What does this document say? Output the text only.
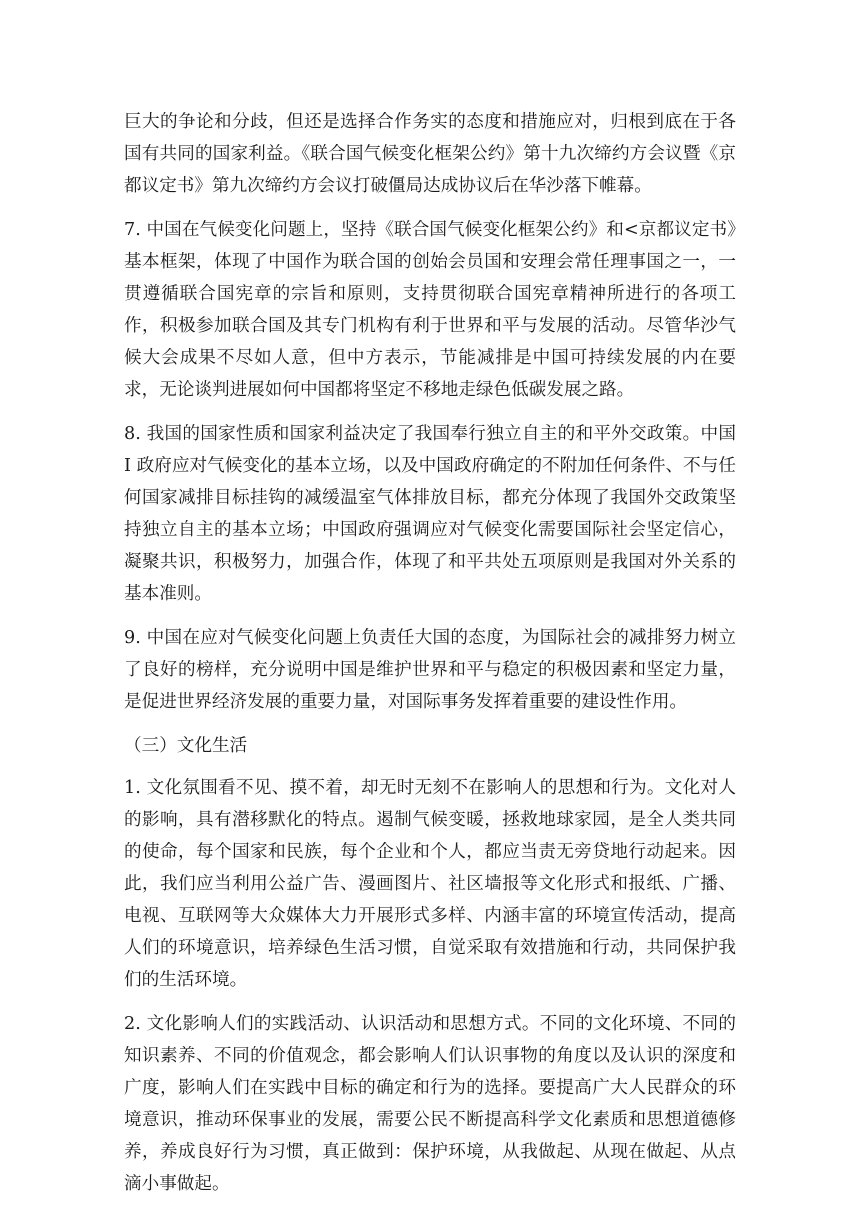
巨大的争论和分歧，但还是选择合作务实的态度和措施应对，归根到底在于各国有共同的国家利益。《联合国气候变化框架公约》第十九次缔约方会议暨《京都议定书》第九次缔约方会议打破僵局达成协议后在华沙落下帷幕。

7. 中国在气候变化问题上，坚持《联合国气候变化框架公约》和<京都议定书》基本框架，体现了中国作为联合国的创始会员国和安理会常任理事国之一，一贯遵循联合国宪章的宗旨和原则，支持贯彻联合国宪章精神所进行的各项工作，积极参加联合国及其专门机构有利于世界和平与发展的活动。尽管华沙气候大会成果不尽如人意，但中方表示，节能减排是中国可持续发展的内在要求，无论谈判进展如何中国都将坚定不移地走绿色低碳发展之路。

8. 我国的国家性质和国家利益决定了我国奉行独立自主的和平外交政策。中国 I 政府应对气候变化的基本立场，以及中国政府确定的不附加任何条件、不与任何国家减排目标挂钩的减缓温室气体排放目标，都充分体现了我国外交政策坚持独立自主的基本立场；中国政府强调应对气候变化需要国际社会坚定信心，凝聚共识，积极努力，加强合作，体现了和平共处五项原则是我国对外关系的基本准则。

9. 中国在应对气候变化问题上负责任大国的态度，为国际社会的减排努力树立了良好的榜样，充分说明中国是维护世界和平与稳定的积极因素和坚定力量，是促进世界经济发展的重要力量，对国际事务发挥着重要的建设性作用。

（三）文化生活

1. 文化氛围看不见、摸不着，却无时无刻不在影响人的思想和行为。文化对人的影响，具有潜移默化的特点。遏制气候变暖，拯救地球家园，是全人类共同的使命，每个国家和民族，每个企业和个人，都应当责无旁贷地行动起来。因此，我们应当利用公益广告、漫画图片、社区墙报等文化形式和报纸、广播、电视、互联网等大众媒体大力开展形式多样、内涵丰富的环境宣传活动，提高人们的环境意识，培养绿色生活习惯，自觉采取有效措施和行动，共同保护我们的生活环境。

2. 文化影响人们的实践活动、认识活动和思想方式。不同的文化环境、不同的知识素养、不同的价值观念，都会影响人们认识事物的角度以及认识的深度和广度，影响人们在实践中目标的确定和行为的选择。要提高广大人民群众的环境意识，推动环保事业的发展，需要公民不断提高科学文化素质和思想道德修养，养成良好行为习惯，真正做到：保护环境，从我做起、从现在做起、从点滴小事做起。
